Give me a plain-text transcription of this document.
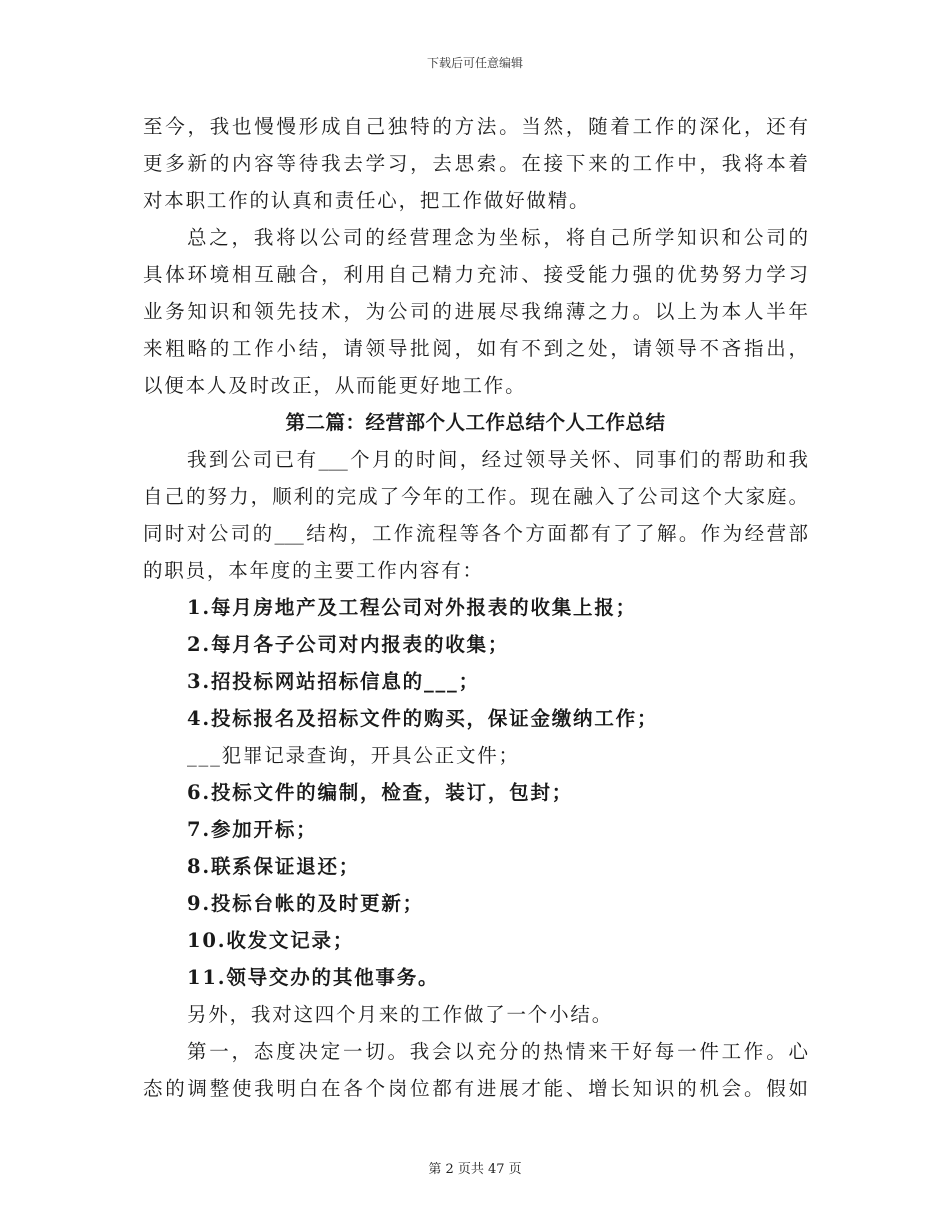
下载后可任意编辑
至今，我也慢慢形成自己独特的方法。当然，随着工作的深化，还有
更多新的内容等待我去学习，去思索。在接下来的工作中，我将本着
对本职工作的认真和责任心，把工作做好做精。
总之，我将以公司的经营理念为坐标，将自己所学知识和公司的
具体环境相互融合，利用自己精力充沛、接受能力强的优势努力学习
业务知识和领先技术，为公司的进展尽我绵薄之力。以上为本人半年
来粗略的工作小结，请领导批阅，如有不到之处，请领导不吝指出，
以便本人及时改正，从而能更好地工作。
第二篇：经营部个人工作总结个人工作总结
我到公司已有___个月的时间，经过领导关怀、同事们的帮助和我
自己的努力，顺利的完成了今年的工作。现在融入了公司这个大家庭。
同时对公司的___结构，工作流程等各个方面都有了了解。作为经营部
的职员，本年度的主要工作内容有：
1.每月房地产及工程公司对外报表的收集上报；
2.每月各子公司对内报表的收集；
3.招投标网站招标信息的___；
4.投标报名及招标文件的购买，保证金缴纳工作；
___犯罪记录查询，开具公正文件；
6.投标文件的编制，检查，装订，包封；
7.参加开标；
8.联系保证退还；
9.投标台帐的及时更新；
10.收发文记录；
11.领导交办的其他事务。
另外，我对这四个月来的工作做了一个小结。
第一，态度决定一切。我会以充分的热情来干好每一件工作。心
态的调整使我明白在各个岗位都有进展才能、增长知识的机会。假如
第 2 页共 47 页
